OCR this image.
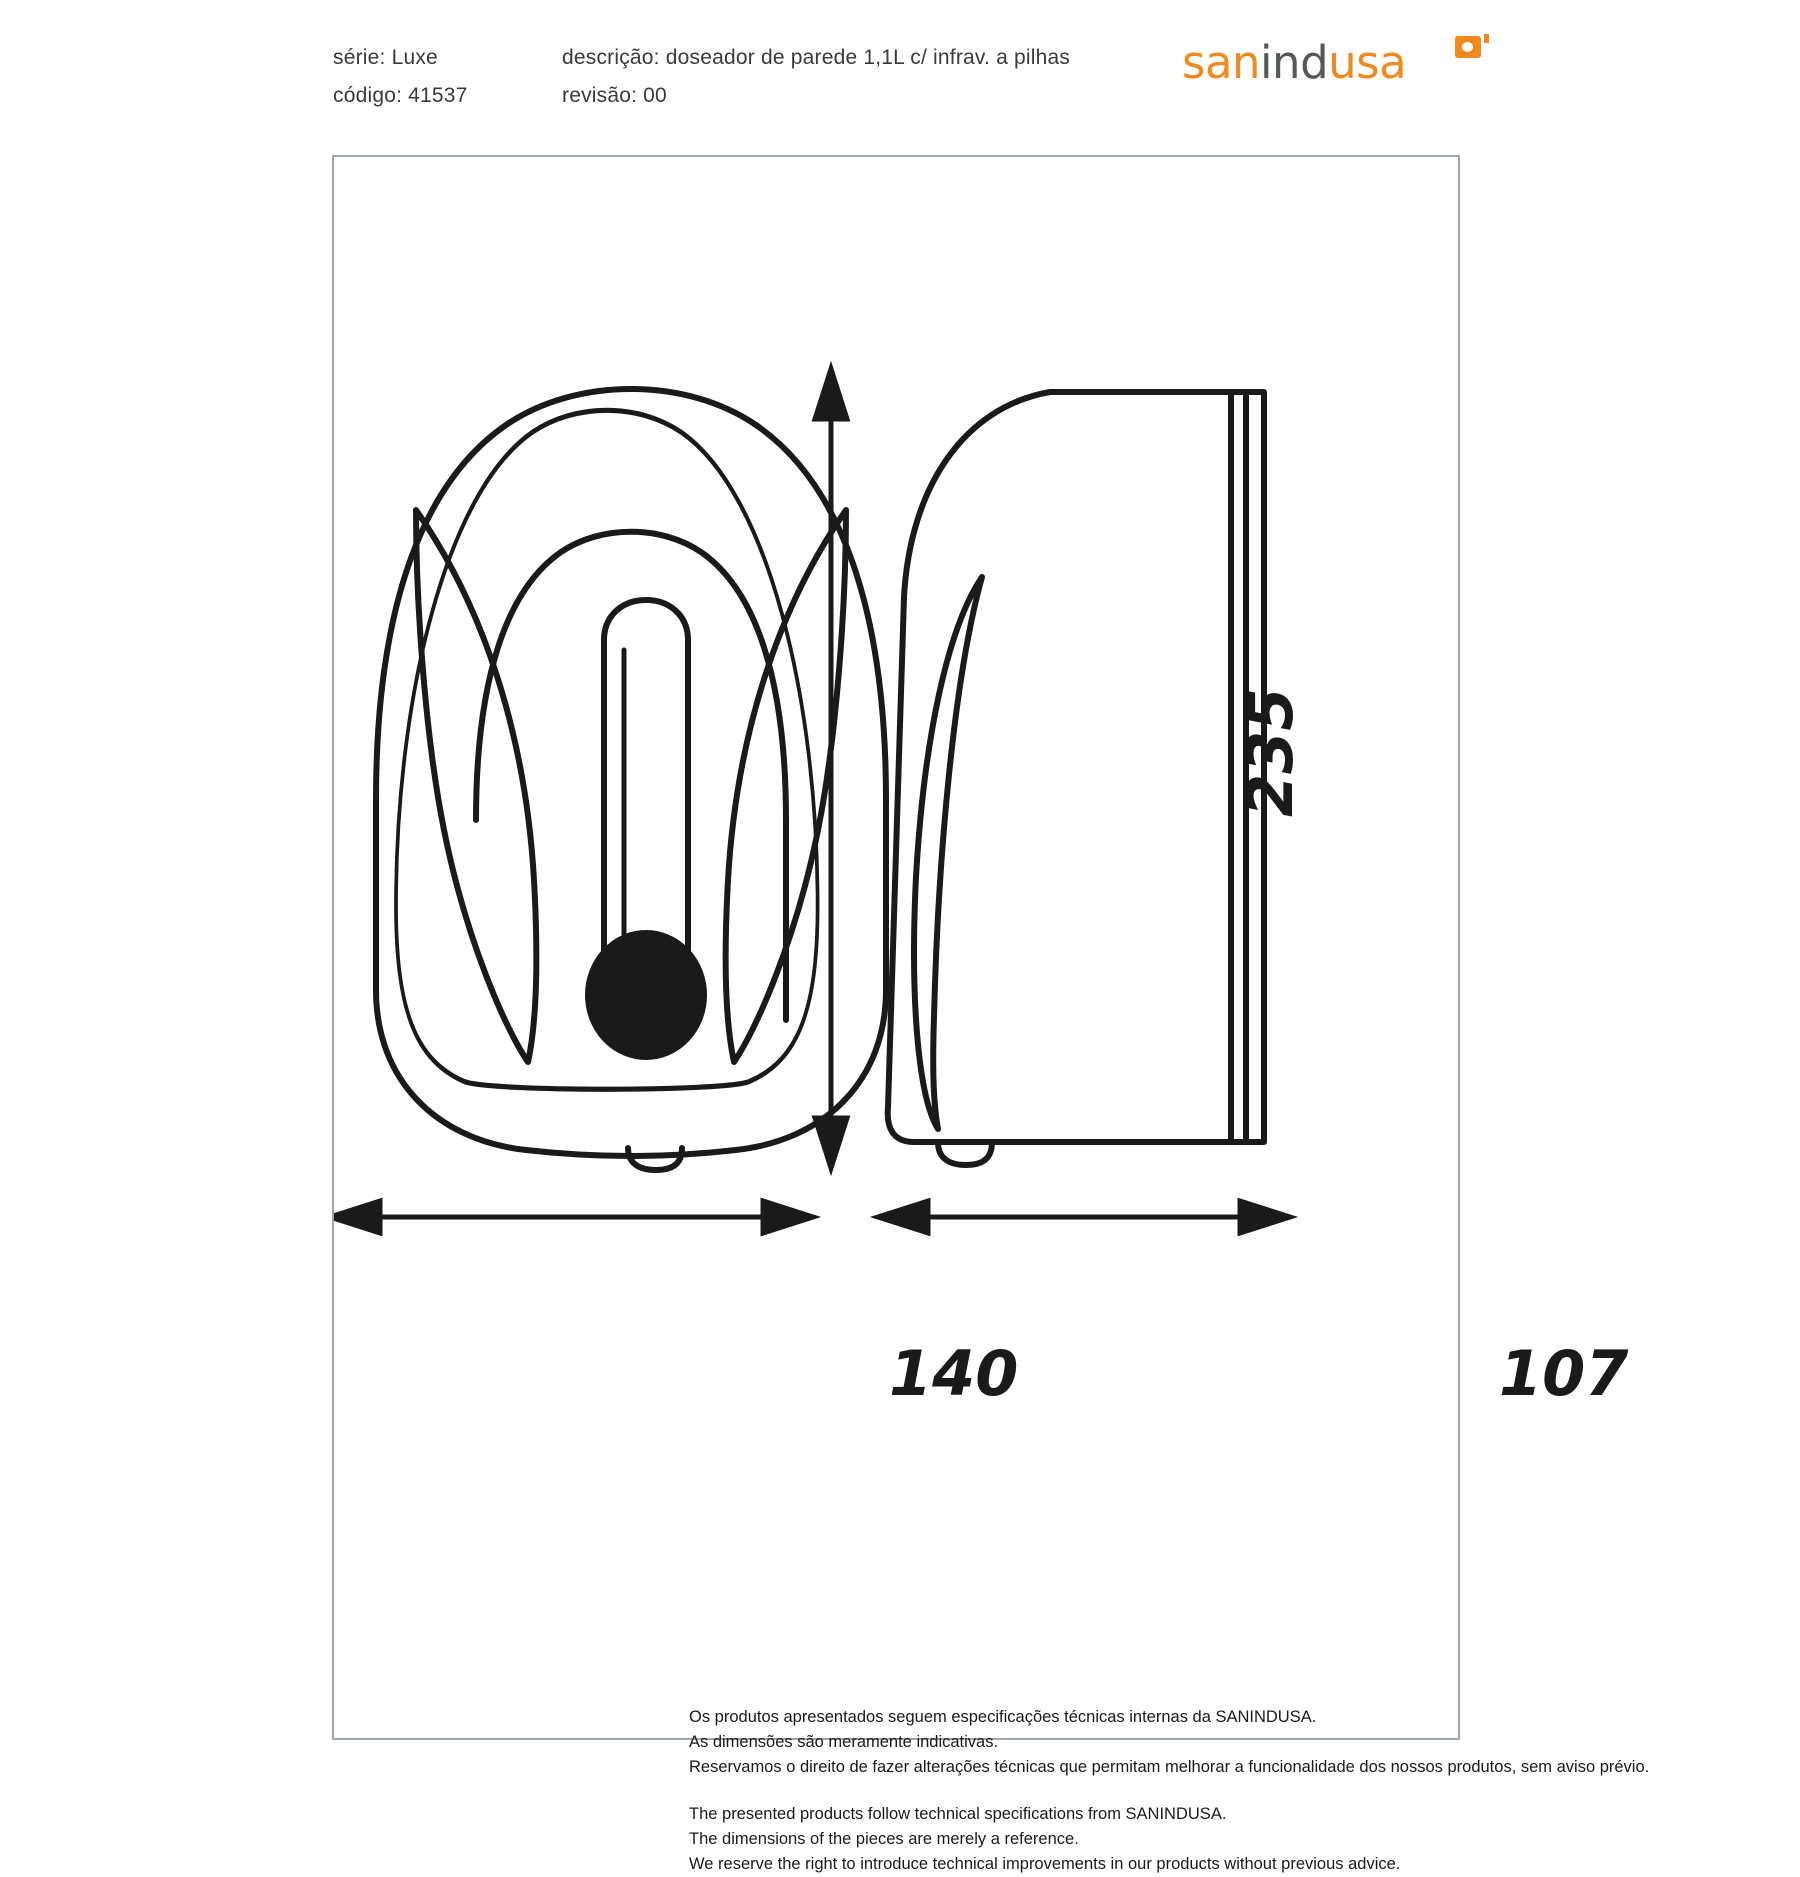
série: Luxe
código: 41537
descrição: doseador de parede 1,1L c/ infrav. a pilhas
revisão: 00
sanindusa
235
140	107

Os produtos apresentados seguem especificações técnicas internas da SANINDUSA.

As dimensões são meramente indicativas.

Reservamos o direito de fazer alterações técnicas que permitam melhorar a funcionalidade dos nossos produtos, sem aviso prévio.

The presented products follow technical specifications from SANINDUSA.

The dimensions of the pieces are merely a reference.

We reserve the right to introduce technical improvements in our products without previous advice.
